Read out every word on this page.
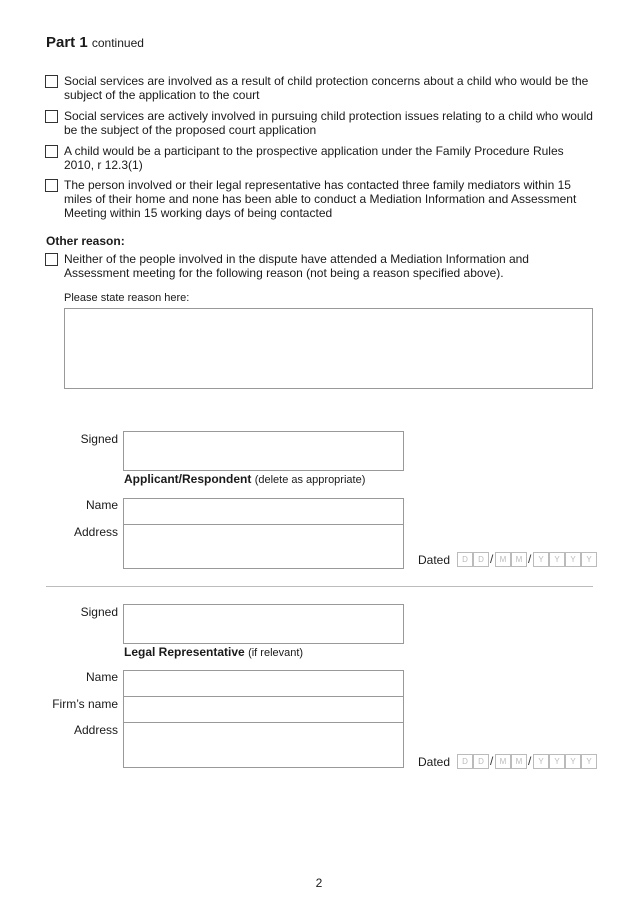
Part 1 continued
Social services are involved as a result of child protection concerns about a child who would be the subject of the application to the court
Social services are actively involved in pursuing child protection issues relating to a child who would be the subject of the proposed court application
A child would be a participant to the prospective application under the Family Procedure Rules 2010, r 12.3(1)
The person involved or their legal representative has contacted three family mediators within 15 miles of their home and none has been able to conduct a Mediation Information and Assessment Meeting within 15 working days of being contacted
Other reason:
Neither of the people involved in the dispute have attended a Mediation Information and Assessment meeting for the following reason (not being a reason specified above).
Please state reason here:
Signed
Applicant/Respondent (delete as appropriate)
Name
Address
Dated	D	D / M	M / Y	Y	Y	Y
Signed
Legal Representative (if relevant)
Name
Firm’s name
Address
Dated	D	D / M	M / Y	Y	Y	Y
2
